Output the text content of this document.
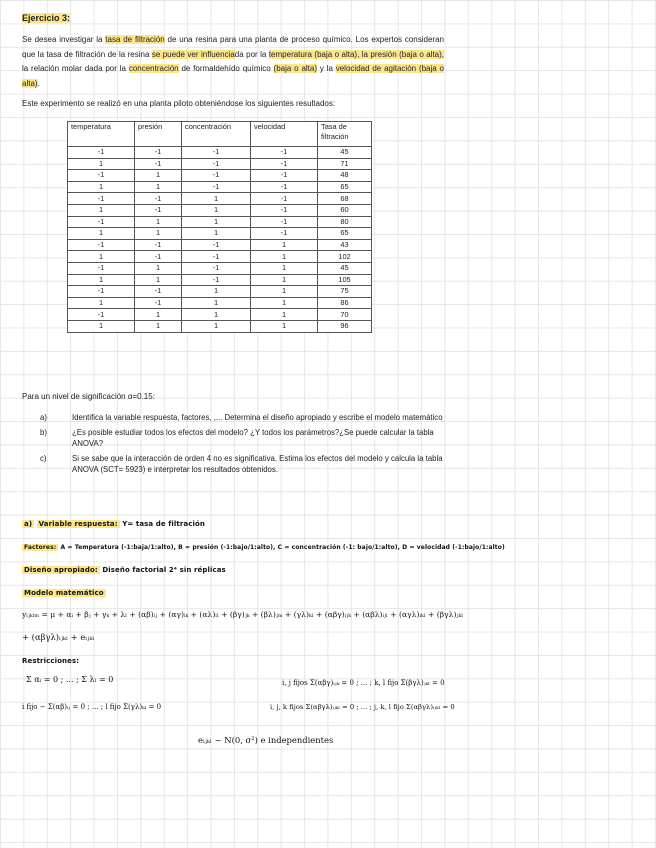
Ejercicio 3:
Se desea investigar la tasa de filtración de una resina para una planta de proceso químico. Los expertos consideran que la tasa de filtración de la resina se puede ver influenciada por la temperatura (baja o alta), la presión (baja o alta), la relación molar dada por la concentración de formaldehído químico (baja o alta) y la velocidad de agitación (baja o alta).
Este experimento se realizó en una planta piloto obteniéndose los siguientes resultados:
temperatura	presión	concentración	velocidad	Tasa de filtración
-1	-1	-1	-1	45
1	-1	-1	-1	71
-1	1	-1	-1	48
1	1	-1	-1	65
-1	-1	1	-1	68
1	-1	1	-1	60
-1	1	1	-1	80
1	1	1	-1	65
-1	-1	-1	1	43
1	-1	-1	1	102
-1	1	-1	1	45
1	1	-1	1	105
-1	-1	1	1	75
1	-1	1	1	86
-1	1	1	1	70
1	1	1	1	96
Para un nivel de significación α=0.15:
a)	Identifica la variable respuesta, factores, ,... Determina el diseño apropiado y escribe el modelo matemático
b)	¿Es posible estudiar todos los efectos del modelo? ¿Y todos los parámetros?¿Se puede calcular la tabla ANOVA?
c)	Si se sabe que la interacción de orden 4 no es significativa. Estima los efectos del modelo y calcula la tabla ANOVA (SCT= 5923) e interpretar los resultados obtenidos.
a) Variable respuesta: Y= tasa de filtración
Factores: A = Temperatura (-1:baja/1:alto), B = presión (-1:bajo/1:alto), C = concentración (-1: bajo/1:alto), D = velocidad (-1:bajo/1:alto)
Diseño apropiado: Diseño factorial 2⁴ sin réplicas
Modelo matemático
yᵢⱼₖₗₘ = μ + αᵢ + βⱼ + γₖ + λₗ + (αβ)ᵢⱼ + (αγ)ᵢₖ + (αλ)ᵢₗ + (βγ)ⱼₖ + (βλ)ⱼₘ + (γλ)ₖₗ + (αβγ)ᵢⱼₖ + (αβλ)ᵢⱼₗ + (αγλ)ᵢₖₗ + (βγλ)ⱼₖₗ
+ (αβγλ)ᵢⱼₖₗ + eᵢⱼₖₗ
Restricciones:
Σ αᵢ = 0 ; ... ; Σ λₗ = 0	i, j fijos Σ(αβγ)ᵢⱼₖ = 0 ; ... ; k, l fijo Σ(βγλ)ⱼₖₗ = 0
i fijo − Σ(αβ)ᵢⱼ = 0 ; ... ; l fijo Σ(γλ)ₖₗ = 0	i, j, k fijos Σ(αβγλ)ᵢⱼₖₗ = 0 ; ... ; j, k, l fijo Σ(αβγλ)ᵢⱼₖₗ = 0
eᵢⱼₖₗ ~ N(0, σ²) e independientes
